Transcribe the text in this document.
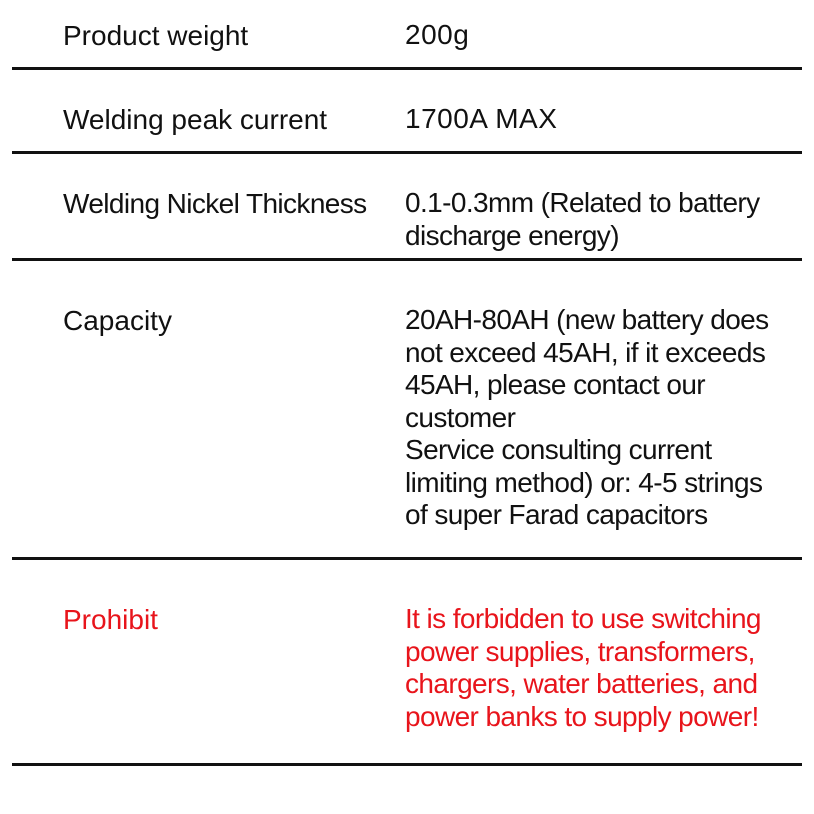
Product weight	200g
Welding peak current	1700A MAX
Welding Nickel Thickness 0.1-0.3mm (Related to battery
discharge energy)
Capacity	20AH-80AH (new battery does
not exceed 45AH, if it exceeds
45AH, please contact our
customer
Service consulting current
limiting method) or: 4-5 strings
of super Farad capacitors
Prohibit	It is forbidden to use switching
power supplies, transformers,
chargers, water batteries, and
power banks to supply power!
